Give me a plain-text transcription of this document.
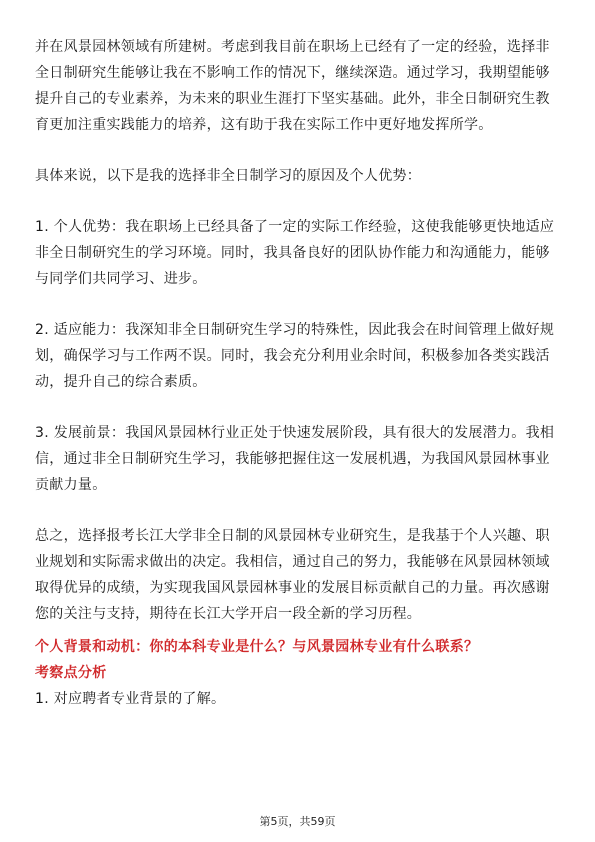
并在风景园林领域有所建树。考虑到我目前在职场上已经有了一定的经验，选择非
全日制研究生能够让我在不影响工作的情况下，继续深造。通过学习，我期望能够
提升自己的专业素养，为未来的职业生涯打下坚实基础。此外，非全日制研究生教
育更加注重实践能力的培养，这有助于我在实际工作中更好地发挥所学。

具体来说，以下是我的选择非全日制学习的原因及个人优势：

1. 个人优势：我在职场上已经具备了一定的实际工作经验，这使我能够更快地适应
非全日制研究生的学习环境。同时，我具备良好的团队协作能力和沟通能力，能够
与同学们共同学习、进步。

2. 适应能力：我深知非全日制研究生学习的特殊性，因此我会在时间管理上做好规
划，确保学习与工作两不误。同时，我会充分利用业余时间，积极参加各类实践活
动，提升自己的综合素质。

3. 发展前景：我国风景园林行业正处于快速发展阶段，具有很大的发展潜力。我相
信，通过非全日制研究生学习，我能够把握住这一发展机遇，为我国风景园林事业
贡献力量。

总之，选择报考长江大学非全日制的风景园林专业研究生，是我基于个人兴趣、职
业规划和实际需求做出的决定。我相信，通过自己的努力，我能够在风景园林领域
取得优异的成绩，为实现我国风景园林事业的发展目标贡献自己的力量。再次感谢
您的关注与支持，期待在长江大学开启一段全新的学习历程。

个人背景和动机：你的本科专业是什么？与风景园林专业有什么联系？

考察点分析

1. 对应聘者专业背景的了解。

第5页，共59页
